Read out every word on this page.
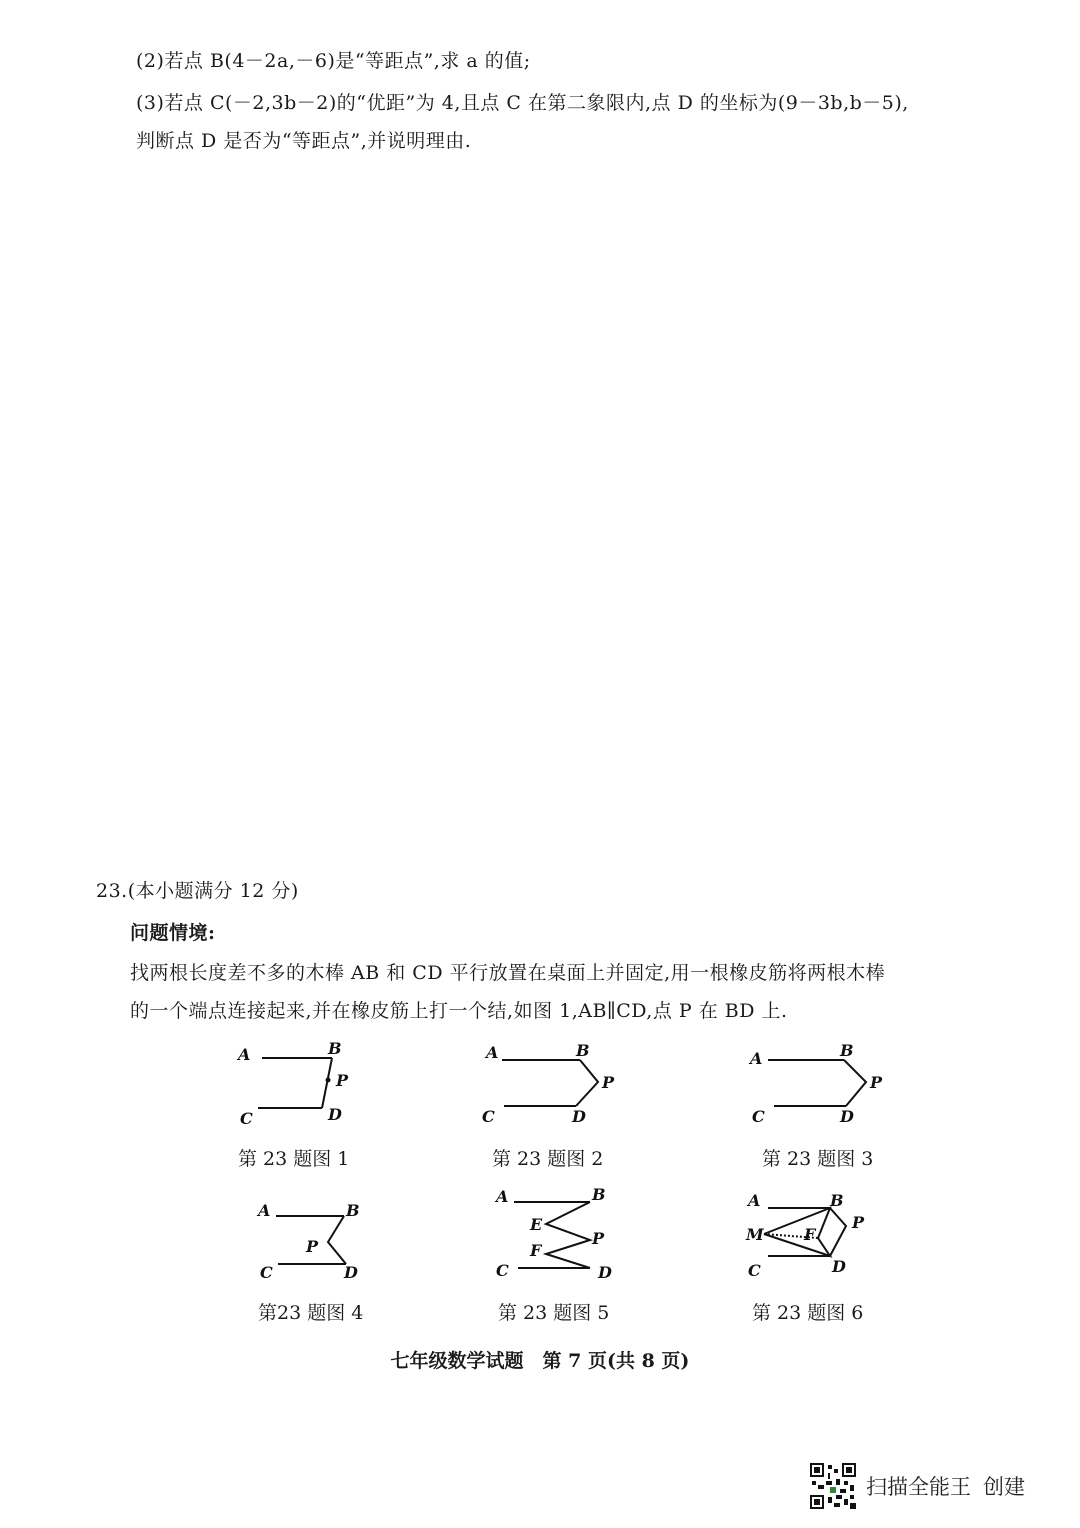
(2)若点 B(4－2a,－6)是“等距点”,求 a 的值;
(3)若点 C(－2,3b－2)的“优距”为 4,且点 C 在第二象限内,点 D 的坐标为(9－3b,b－5),
判断点 D 是否为“等距点”,并说明理由.
23.(本小题满分 12 分)
问题情境:
找两根长度差不多的木棒 AB 和 CD 平行放置在桌面上并固定,用一根橡皮筋将两根木棒
的一个端点连接起来,并在橡皮筋上打一个结,如图 1,AB∥CD,点 P 在 BD 上.
A	B
P
C	D
第 23 题图 1
A	B
P
C	D
第 23 题图 2
A	B
P
C	D
第 23 题图 3
A	B
P
C	D
第23 题图 4
A	B
E
P
F
C	D
第 23 题图 5
A	B
M	F
P
C	D
第 23 题图 6
七年级数学试题　第 7 页(共 8 页)
扫描全能王 创建
